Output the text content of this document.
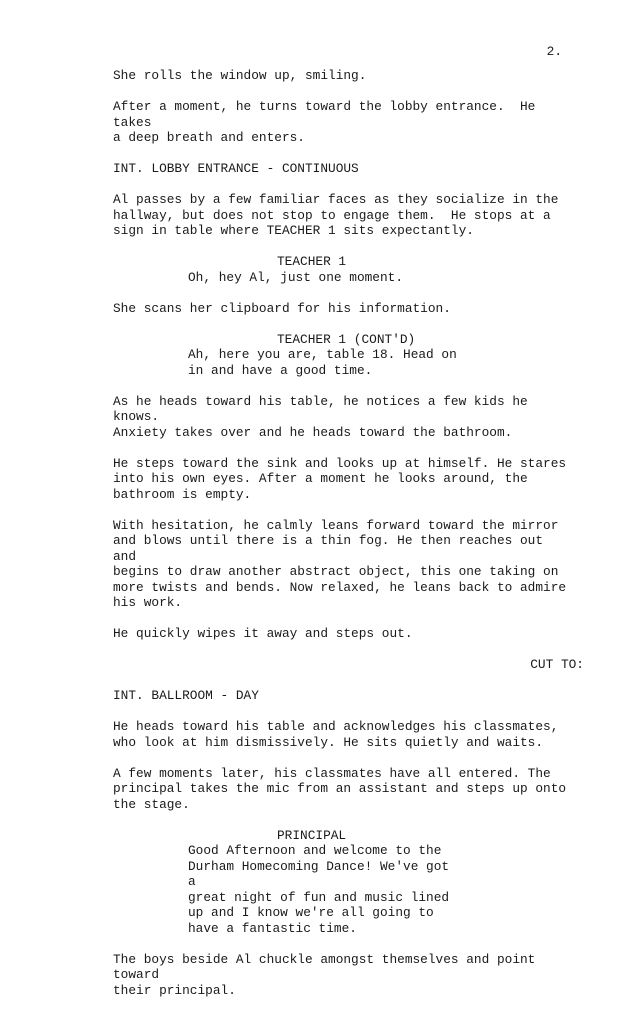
2.

She rolls the window up, smiling.

After a moment, he turns toward the lobby entrance.  He takes
a deep breath and enters.

INT. LOBBY ENTRANCE - CONTINUOUS

Al passes by a few familiar faces as they socialize in the
hallway, but does not stop to engage them.  He stops at a
sign in table where TEACHER 1 sits expectantly.

TEACHER 1

Oh, hey Al, just one moment.

She scans her clipboard for his information.

TEACHER 1 (CONT'D)

Ah, here you are, table 18. Head on
in and have a good time.

As he heads toward his table, he notices a few kids he knows.
Anxiety takes over and he heads toward the bathroom.

He steps toward the sink and looks up at himself. He stares
into his own eyes. After a moment he looks around, the
bathroom is empty.

With hesitation, he calmly leans forward toward the mirror
and blows until there is a thin fog. He then reaches out and
begins to draw another abstract object, this one taking on
more twists and bends. Now relaxed, he leans back to admire
his work.

He quickly wipes it away and steps out.

CUT TO:

INT. BALLROOM - DAY

He heads toward his table and acknowledges his classmates,
who look at him dismissively. He sits quietly and waits.

A few moments later, his classmates have all entered. The
principal takes the mic from an assistant and steps up onto
the stage.

PRINCIPAL

Good Afternoon and welcome to the
Durham Homecoming Dance! We've got a
great night of fun and music lined
up and I know we're all going to
have a fantastic time.

The boys beside Al chuckle amongst themselves and point toward
their principal.
